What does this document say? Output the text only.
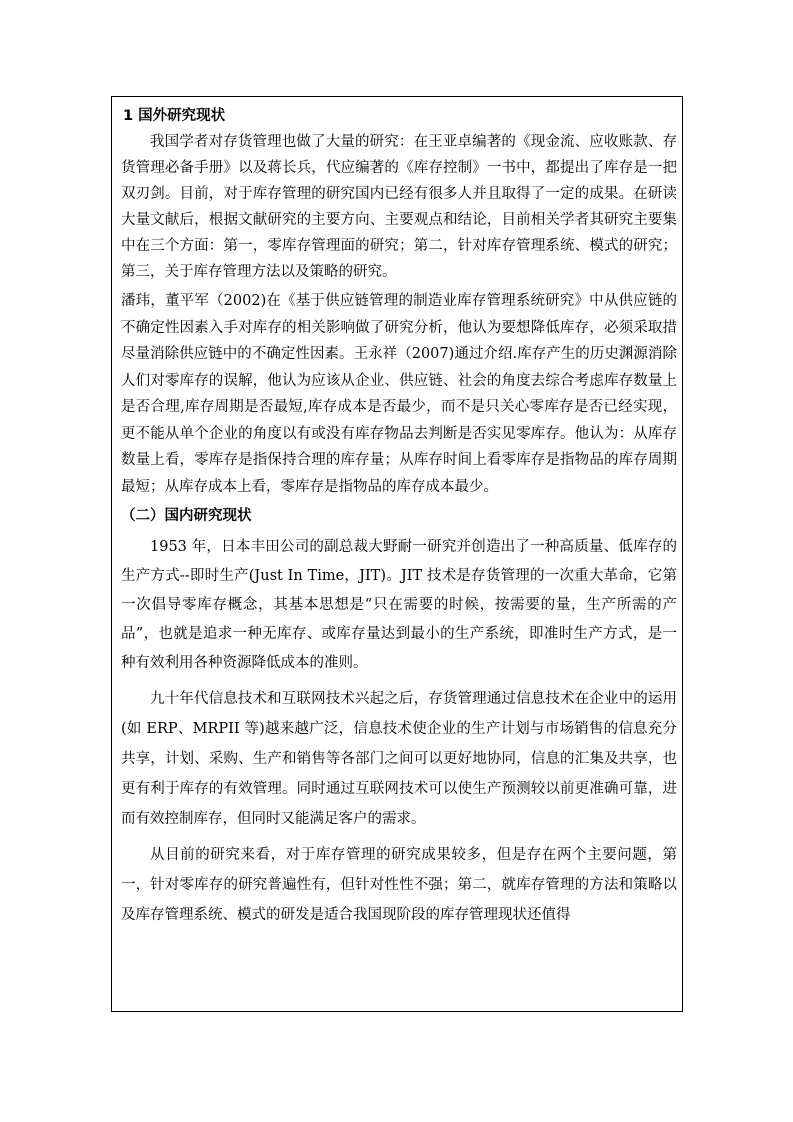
1 国外研究现状

我国学者对存货管理也做了大量的研究：在王亚卓编著的《现金流、应收账款、存货管理必备手册》以及蒋长兵，代应编著的《库存控制》一书中，都提出了库存是一把双刃剑。目前，对于库存管理的研究国内已经有很多人并且取得了一定的成果。在研读大量文献后，根据文献研究的主要方向、主要观点和结论，目前相关学者其研究主要集中在三个方面：第一，零库存管理面的研究；第二，针对库存管理系统、模式的研究；第三，关于库存管理方法以及策略的研究。

潘玮，董平军（2002)在《基于供应链管理的制造业库存管理系统研究》中从供应链的不确定性因素入手对库存的相关影响做了研究分析，他认为要想降低库存，必须采取措尽量消除供应链中的不确定性因素。王永祥（2007)通过介绍.库存产生的历史渊源消除人们对零库存的误解，他认为应该从企业、供应链、社会的角度去综合考虑库存数量上是否合理,库存周期是否最短,库存成本是否最少，而不是只关心零库存是否已经实现，更不能从单个企业的角度以有或没有库存物品去判断是否实见零库存。他认为：从库存数量上看，零库存是指保持合理的库存量；从库存时间上看零库存是指物品的库存周期最短；从库存成本上看，零库存是指物品的库存成本最少。

（二）国内研究现状

1953 年，日本丰田公司的副总裁大野耐一研究并创造出了一种高质量、低库存的生产方式--即时生产(Just In Time，JIT)。JIT 技术是存货管理的一次重大革命，它第一次倡导零库存概念，其基本思想是“只在需要的时候，按需要的量，生产所需的产品”，也就是追求一种无库存、或库存量达到最小的生产系统，即准时生产方式，是一种有效利用各种资源降低成本的准则。

九十年代信息技术和互联网技术兴起之后，存货管理通过信息技术在企业中的运用(如 ERP、MRPII 等)越来越广泛，信息技术使企业的生产计划与市场销售的信息充分共享，计划、采购、生产和销售等各部门之间可以更好地协同，信息的汇集及共享，也更有利于库存的有效管理。同时通过互联网技术可以使生产预测较以前更准确可靠，进而有效控制库存，但同时又能满足客户的需求。

从目前的研究来看，对于库存管理的研究成果较多，但是存在两个主要问题，第一，针对零库存的研究普遍性有，但针对性性不强；第二，就库存管理的方法和策略以及库存管理系统、模式的研发是适合我国现阶段的库存管理现状还值得
